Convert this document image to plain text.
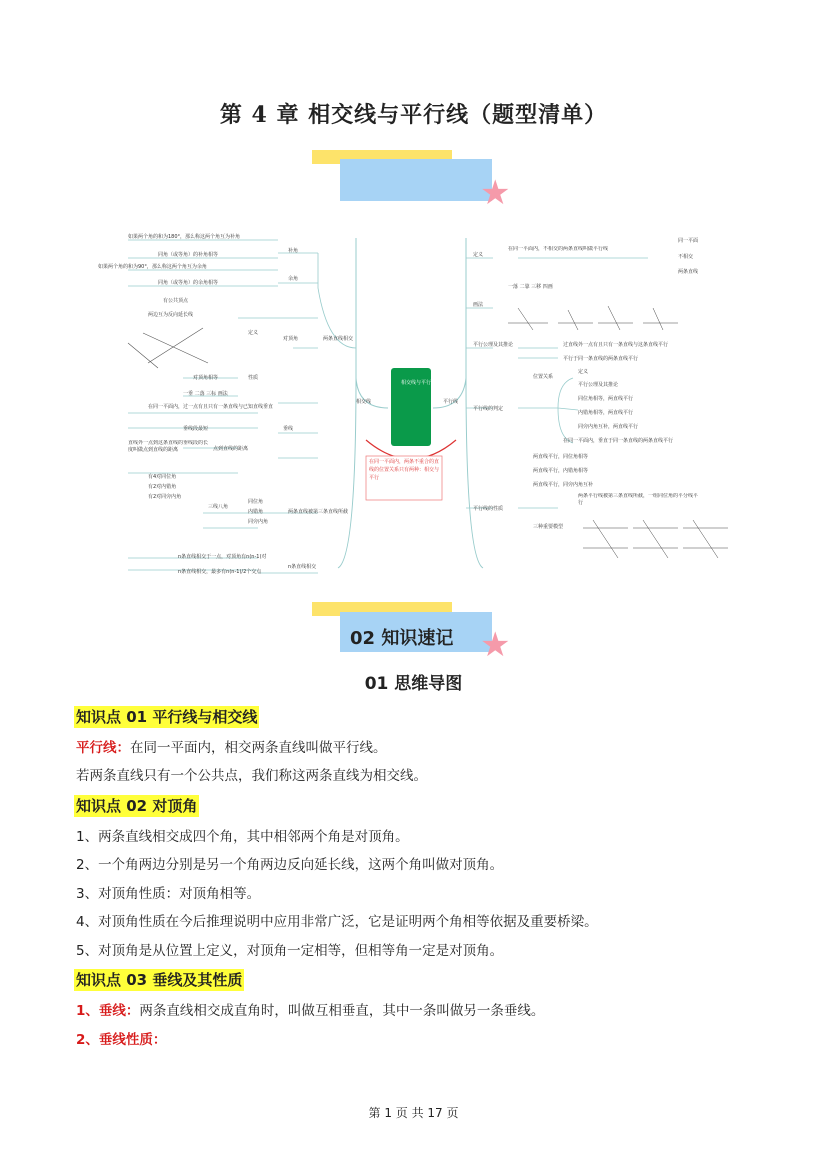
第 4 章 相交线与平行线（题型清单）
★
相交线与平行线
在同一平面内，两条不重合的直线的位置关系只有两种：相交与平行
相交线	平行线
如果两个角的和为180°，那么称这两个角互为补角
同角（或等角）的补角相等
如果两个角的和为90°，那么称这两个角互为余角
同角（或等角）的余角相等
补角
余角
有公共顶点
两边互为反向延长线
定义
对顶角	两条直线相交
对顶角相等	性质
一垂 二落 三标 画法
在同一平面内，过一点有且只有一条直线与已知直线垂直
垂线
垂线段最短
直线外一点到这条直线的垂线段的长度叫做点到直线的距离	点到直线的距离
有4对同位角
有2对内错角
有2对同旁内角
三线八角
同位角
内错角
同旁内角
两条直线被第三条直线所截
n条直线相交于一点，对顶角有n(n-1)对
n条直线相交，最多有n(n-1)/2个交点
n条直线相交
定义
在同一平面内，不相交的两条直线叫做平行线
同一平面
不相交
两条直线
画法
一落 二靠 三移 四画
平行公理及其推论	过直线外一点有且只有一条直线与这条直线平行
平行于同一条直线的两条直线平行
平行线的判定
位置关系
定义
平行公理及其推论
同位角相等，两直线平行
内错角相等，两直线平行
同旁内角互补，两直线平行
在同一平面内，垂直于同一条直线的两条直线平行
平行线的性质
两直线平行，同位角相等
两直线平行，内错角相等
两直线平行，同旁内角互补
两条平行线被第三条直线所截，一组同位角的平分线平行
三种重要模型
★
02 知识速记
01 思维导图
知识点 01 平行线与相交线
平行线：在同一平面内，相交两条直线叫做平行线。
若两条直线只有一个公共点，我们称这两条直线为相交线。
知识点 02 对顶角
1、两条直线相交成四个角，其中相邻两个角是对顶角。
2、一个角两边分别是另一个角两边反向延长线，这两个角叫做对顶角。
3、对顶角性质：对顶角相等。
4、对顶角性质在今后推理说明中应用非常广泛，它是证明两个角相等依据及重要桥梁。
5、对顶角是从位置上定义，对顶角一定相等，但相等角一定是对顶角。
知识点 03 垂线及其性质
1、垂线：两条直线相交成直角时，叫做互相垂直，其中一条叫做另一条垂线。
2、垂线性质：
第 1 页 共 17 页
